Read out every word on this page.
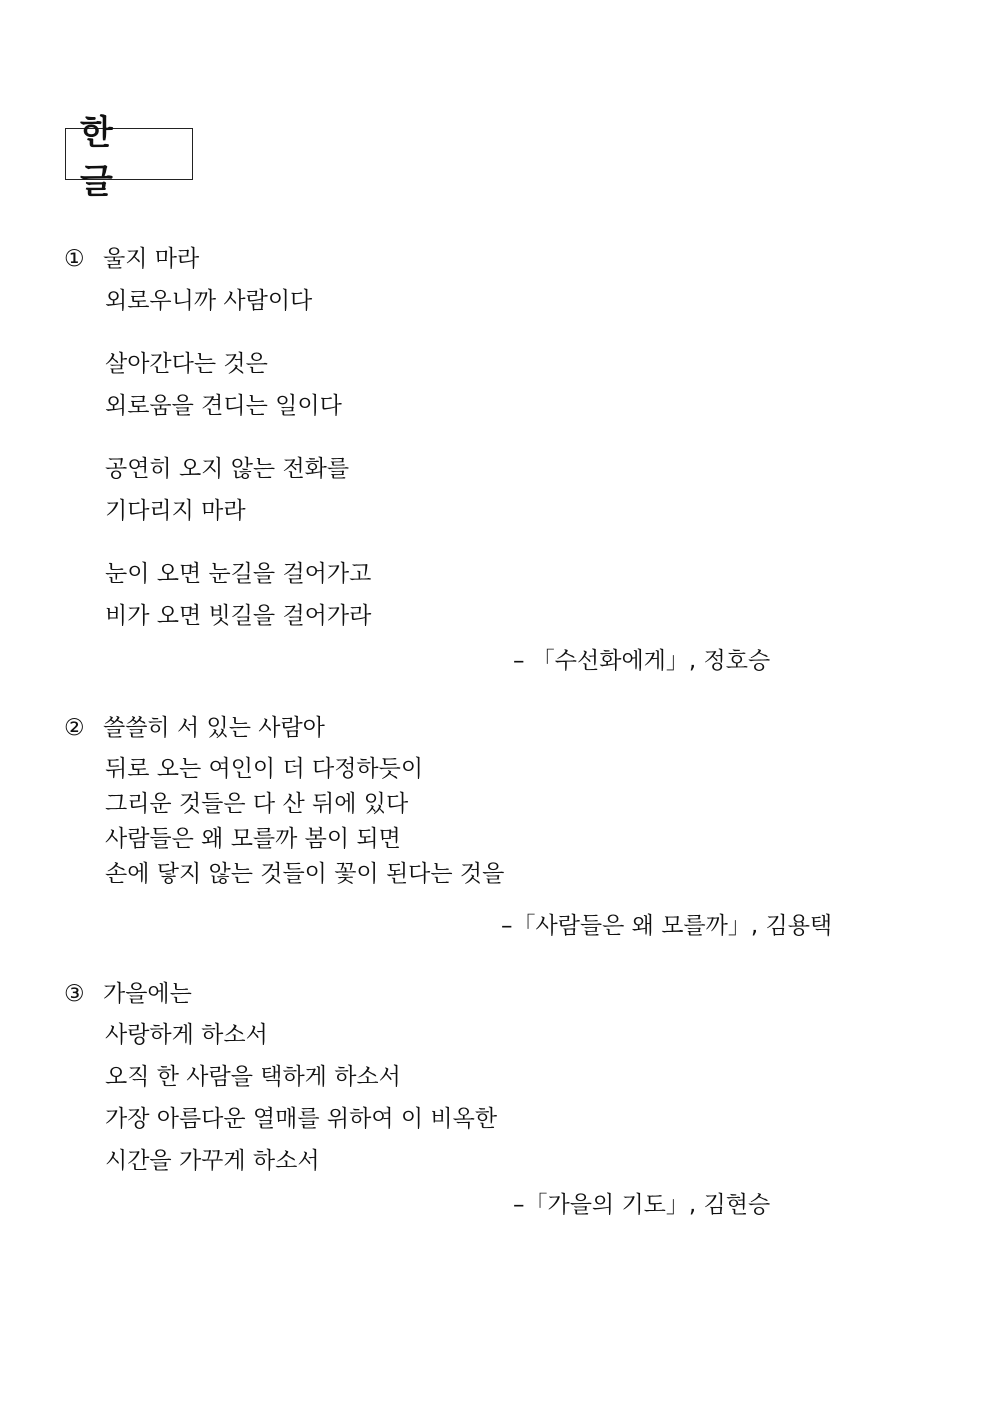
한 글
① 울지 마라
외로우니까 사람이다
살아간다는 것은
외로움을 견디는 일이다
공연히 오지 않는 전화를
기다리지 마라
눈이 오면 눈길을 걸어가고
비가 오면 빗길을 걸어가라
– 「수선화에게」, 정호승
② 쓸쓸히 서 있는 사람아
뒤로 오는 여인이 더 다정하듯이
그리운 것들은 다 산 뒤에 있다
사람들은 왜 모를까 봄이 되면
손에 닿지 않는 것들이 꽃이 된다는 것을
–「사람들은 왜 모를까」, 김용택
③ 가을에는
사랑하게 하소서
오직 한 사람을 택하게 하소서
가장 아름다운 열매를 위하여 이 비옥한
시간을 가꾸게 하소서
–「가을의 기도」, 김현승
